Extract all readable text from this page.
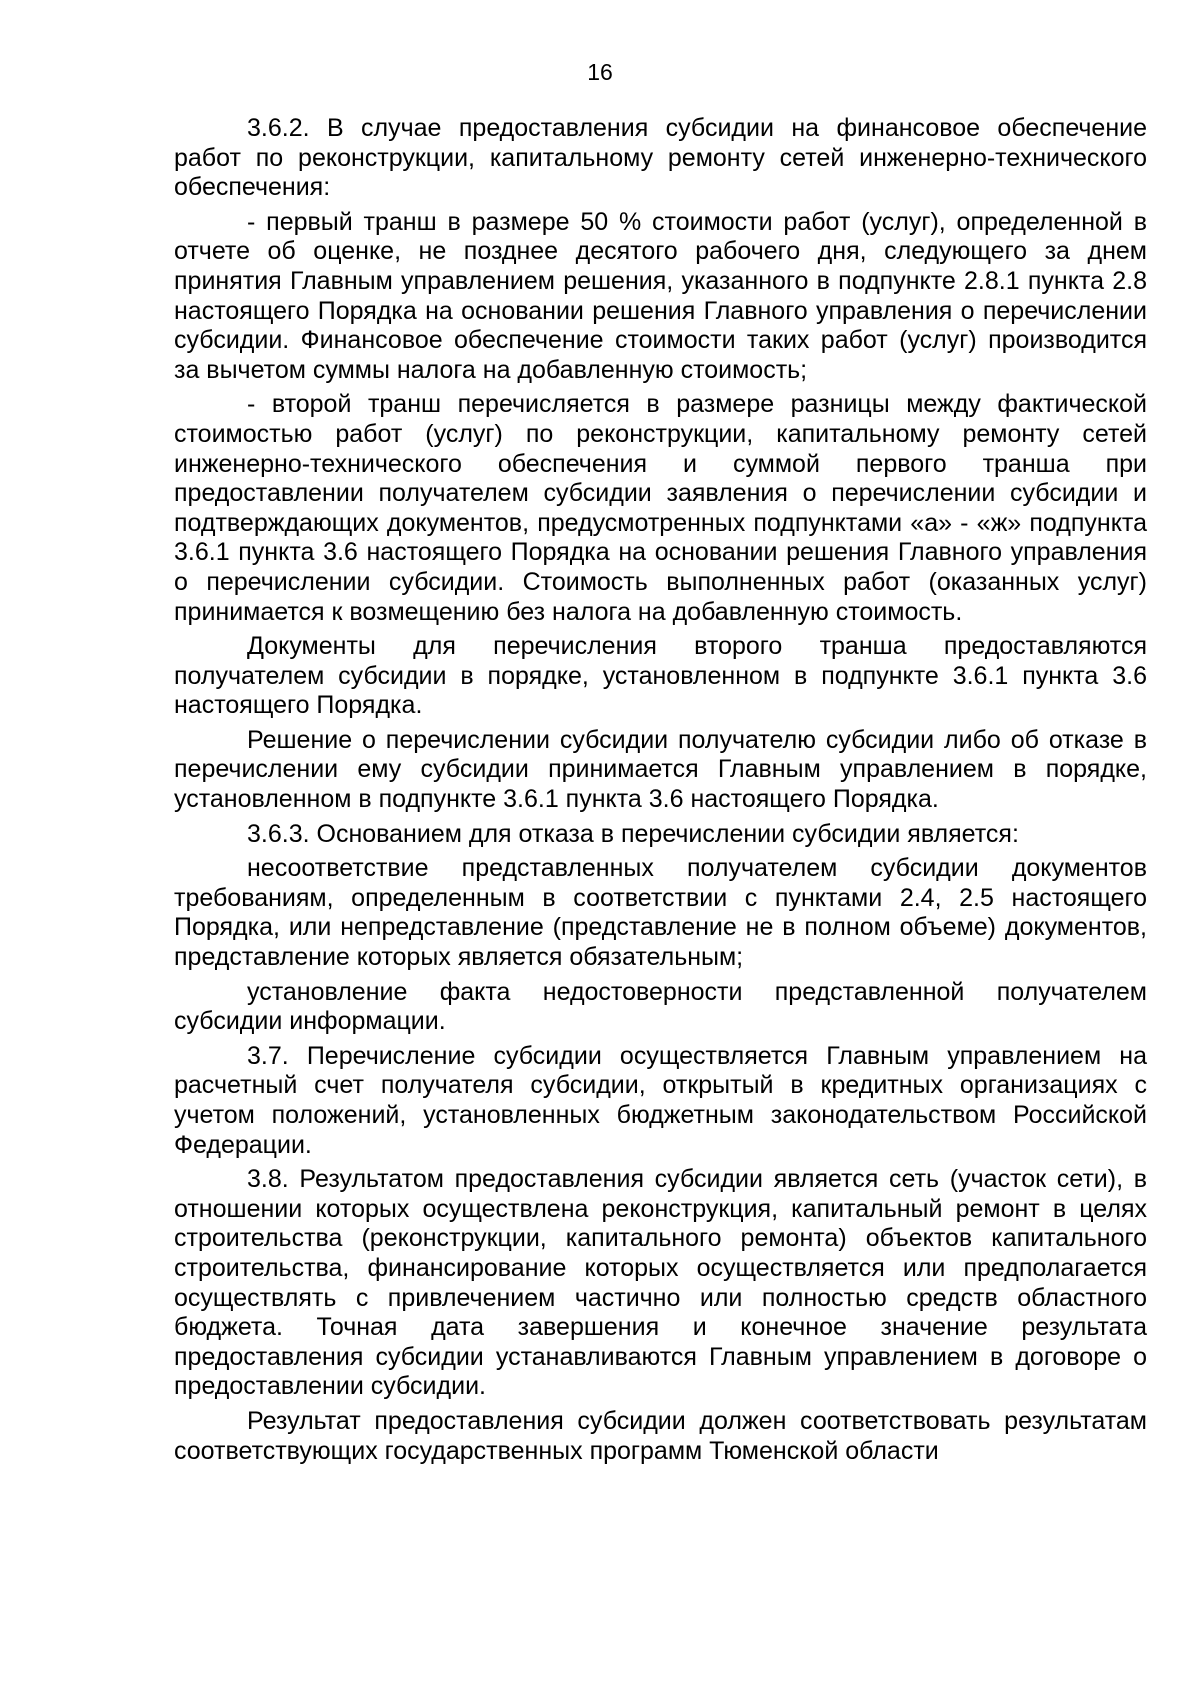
16

3.6.2. В случае предоставления субсидии на финансовое обеспечение работ по реконструкции, капитальному ремонту сетей инженерно-технического обеспечения:

- первый транш в размере 50 % стоимости работ (услуг), определенной в отчете об оценке, не позднее десятого рабочего дня, следующего за днем принятия Главным управлением решения, указанного в подпункте 2.8.1 пункта 2.8 настоящего Порядка на основании решения Главного управления о перечислении субсидии. Финансовое обеспечение стоимости таких работ (услуг) производится за вычетом суммы налога на добавленную стоимость;

- второй транш перечисляется в размере разницы между фактической стоимостью работ (услуг) по реконструкции, капитальному ремонту сетей инженерно-технического обеспечения и суммой первого транша при предоставлении получателем субсидии заявления о перечислении субсидии и подтверждающих документов, предусмотренных подпунктами «а» - «ж» подпункта 3.6.1 пункта 3.6 настоящего Порядка на основании решения Главного управления о перечислении субсидии. Стоимость выполненных работ (оказанных услуг) принимается к возмещению без налога на добавленную стоимость.

Документы для перечисления второго транша предоставляются получателем субсидии в порядке, установленном в подпункте 3.6.1 пункта 3.6 настоящего Порядка.

Решение о перечислении субсидии получателю субсидии либо об отказе в перечислении ему субсидии принимается Главным управлением в порядке, установленном в подпункте 3.6.1 пункта 3.6 настоящего Порядка.

3.6.3. Основанием для отказа в перечислении субсидии является:

несоответствие представленных получателем субсидии документов требованиям, определенным в соответствии с пунктами 2.4, 2.5 настоящего Порядка, или непредставление (представление не в полном объеме) документов, представление которых является обязательным;

установление факта недостоверности представленной получателем субсидии информации.

3.7. Перечисление субсидии осуществляется Главным управлением на расчетный счет получателя субсидии, открытый в кредитных организациях с учетом положений, установленных бюджетным законодательством Российской Федерации.

3.8. Результатом предоставления субсидии является сеть (участок сети), в отношении которых осуществлена реконструкция, капитальный ремонт в целях строительства (реконструкции, капитального ремонта) объектов капитального строительства, финансирование которых осуществляется или предполагается осуществлять с привлечением частично или полностью средств областного бюджета. Точная дата завершения и конечное значение результата предоставления субсидии устанавливаются Главным управлением в договоре о предоставлении субсидии.

Результат предоставления субсидии должен соответствовать результатам соответствующих государственных программ Тюменской области
